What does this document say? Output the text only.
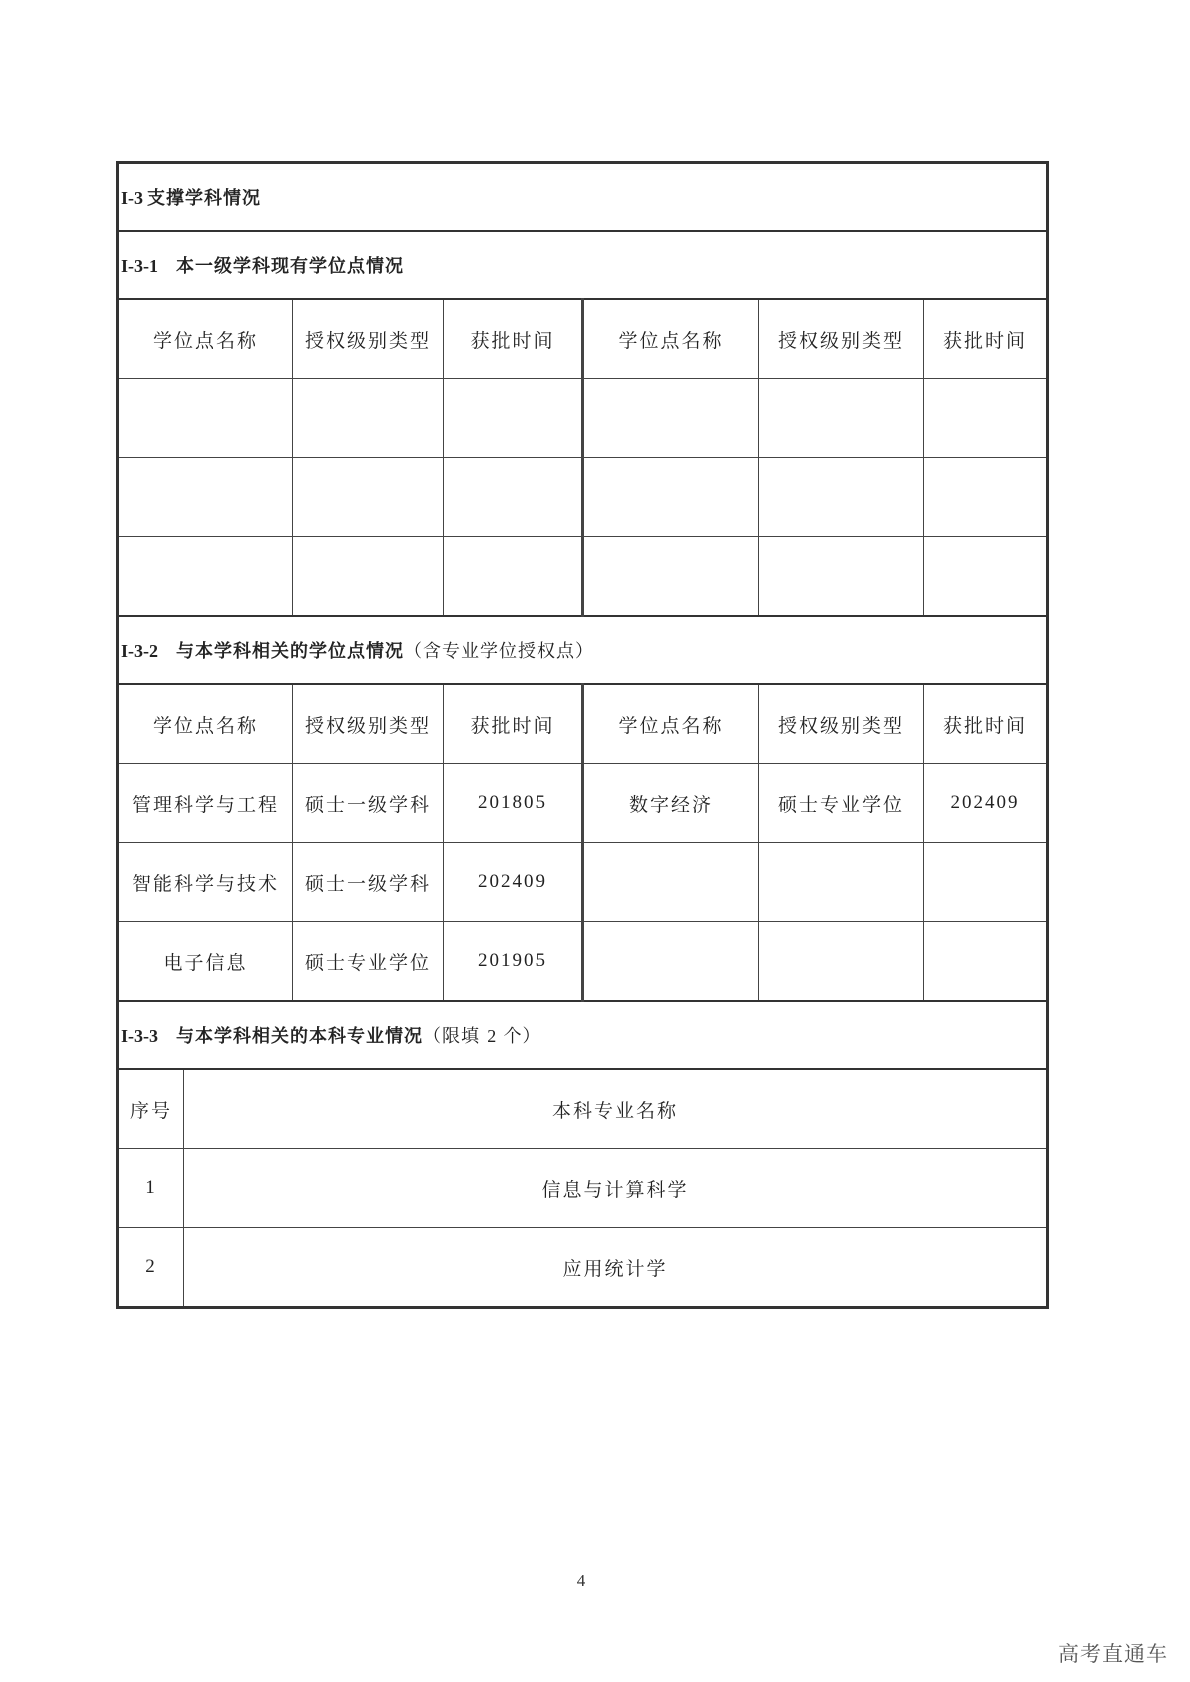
I-3 支撑学科情况						
I-3-1 本一级学科现有学位点情况						
学位点名称		授权级别类型	获批时间	学位点名称	授权级别类型	获批时间

I-3-2 与本学科相关的学位点情况（含专业学位授权点）						
学位点名称		授权级别类型	获批时间	学位点名称	授权级别类型	获批时间
管理科学与工程		硕士一级学科	201805	数字经济	硕士专业学位	202409
智能科学与技术		硕士一级学科	202409			
电子信息		硕士专业学位	201905			
I-3-3 与本学科相关的本科专业情况（限填 2 个）						
序号	本科专业名称					
1	信息与计算科学					
2	应用统计学					
4
高考直通车
